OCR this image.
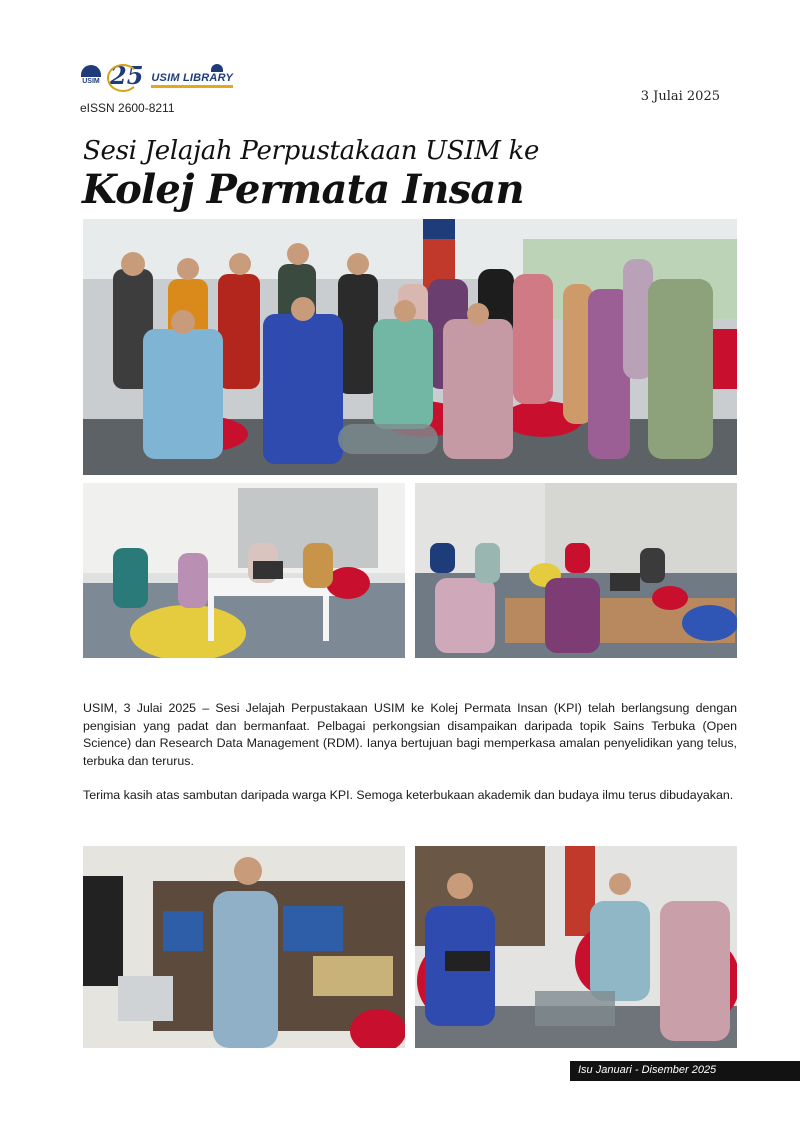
USIM 25 USIM LIBRARY
eISSN 2600-8211
3 Julai 2025
Sesi Jelajah Perpustakaan USIM ke
Kolej Permata Insan

USIM, 3 Julai 2025 – Sesi Jelajah Perpustakaan USIM ke Kolej Permata Insan (KPI) telah berlangsung dengan pengisian yang padat dan bermanfaat. Pelbagai perkongsian disampaikan daripada topik Sains Terbuka (Open Science) dan Research Data Management (RDM). Ianya bertujuan bagi memperkasa amalan penyelidikan yang telus, terbuka dan terurus.

Terima kasih atas sambutan daripada warga KPI. Semoga keterbukaan akademik dan budaya ilmu terus dibudayakan.

Isu Januari - Disember 2025
